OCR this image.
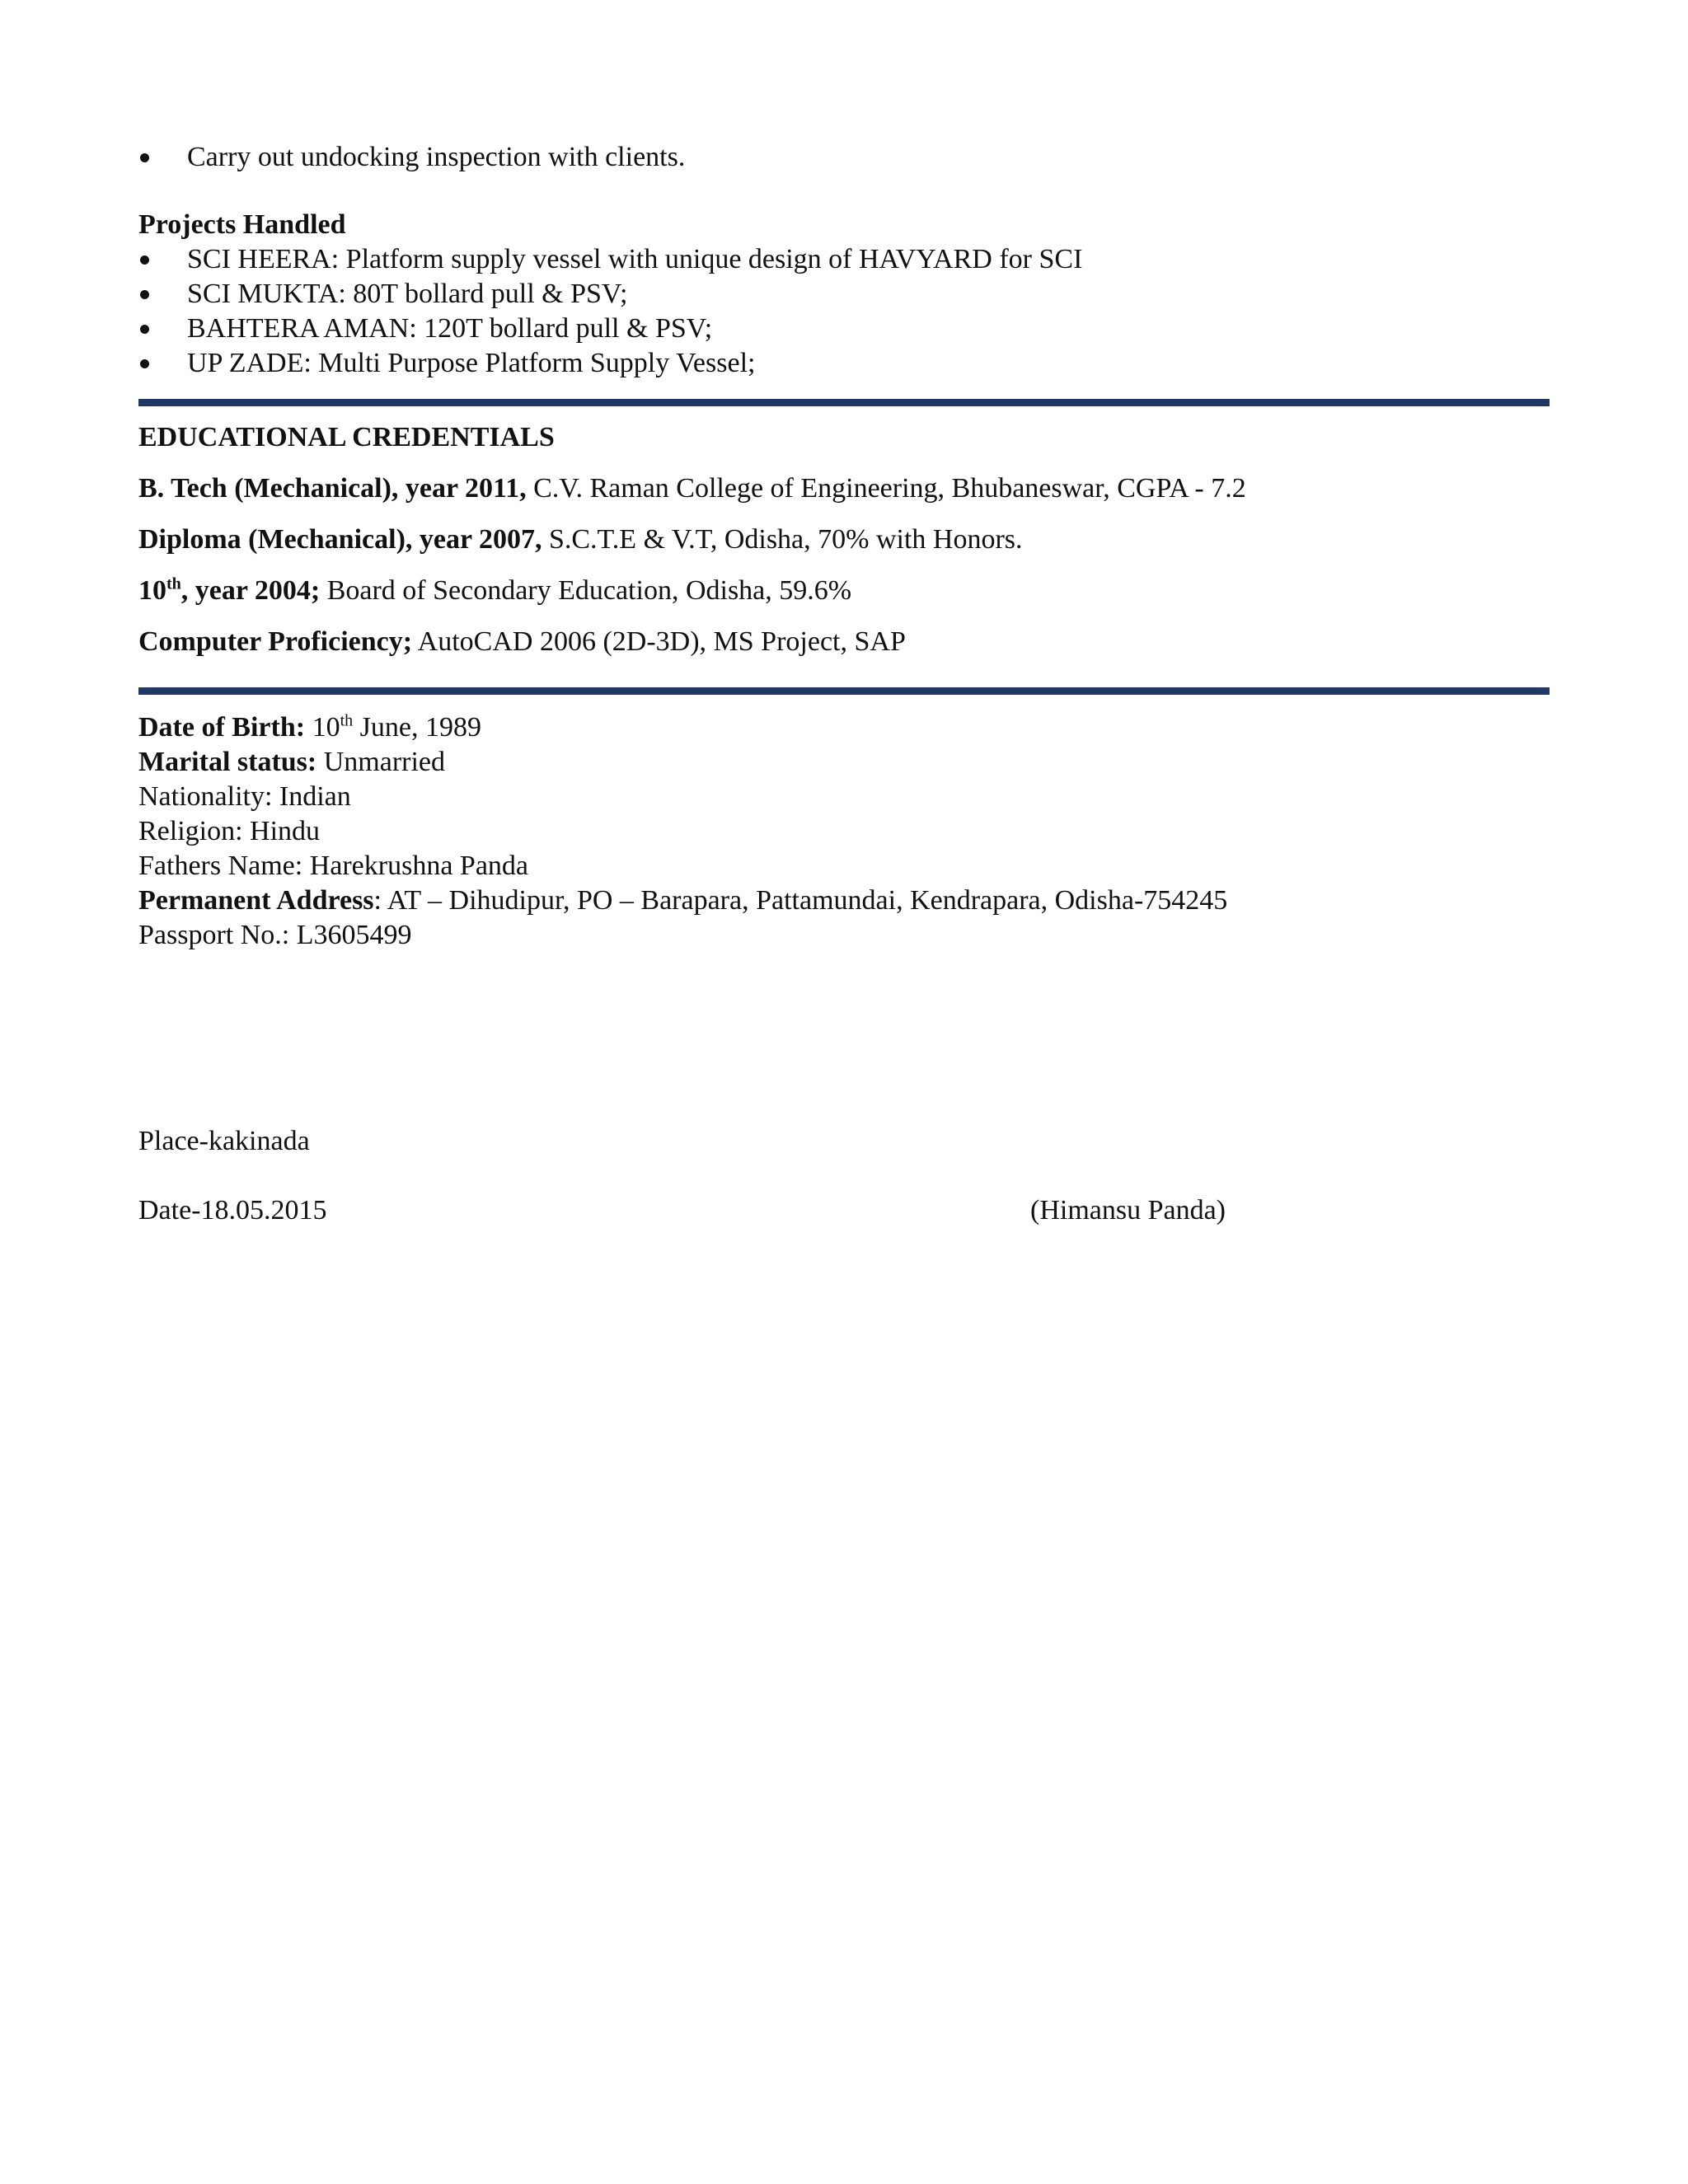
Carry out undocking inspection with clients.
Projects Handled
SCI HEERA: Platform supply vessel with unique design of HAVYARD for SCI
SCI MUKTA: 80T bollard pull & PSV;
BAHTERA AMAN: 120T bollard pull & PSV;
UP ZADE: Multi Purpose Platform Supply Vessel;
EDUCATIONAL CREDENTIALS
B. Tech (Mechanical), year 2011, C.V. Raman College of Engineering, Bhubaneswar, CGPA - 7.2
Diploma (Mechanical), year 2007, S.C.T.E & V.T, Odisha, 70% with Honors.
10th, year 2004; Board of Secondary Education, Odisha, 59.6%
Computer Proficiency; AutoCAD 2006 (2D-3D), MS Project, SAP
Date of Birth: 10th June, 1989
Marital status: Unmarried
Nationality: Indian
Religion: Hindu
Fathers Name: Harekrushna Panda
Permanent Address: AT – Dihudipur, PO – Barapara, Pattamundai, Kendrapara, Odisha-754245
Passport No.: L3605499
Place-kakinada
Date-18.05.2015	(Himansu Panda)
